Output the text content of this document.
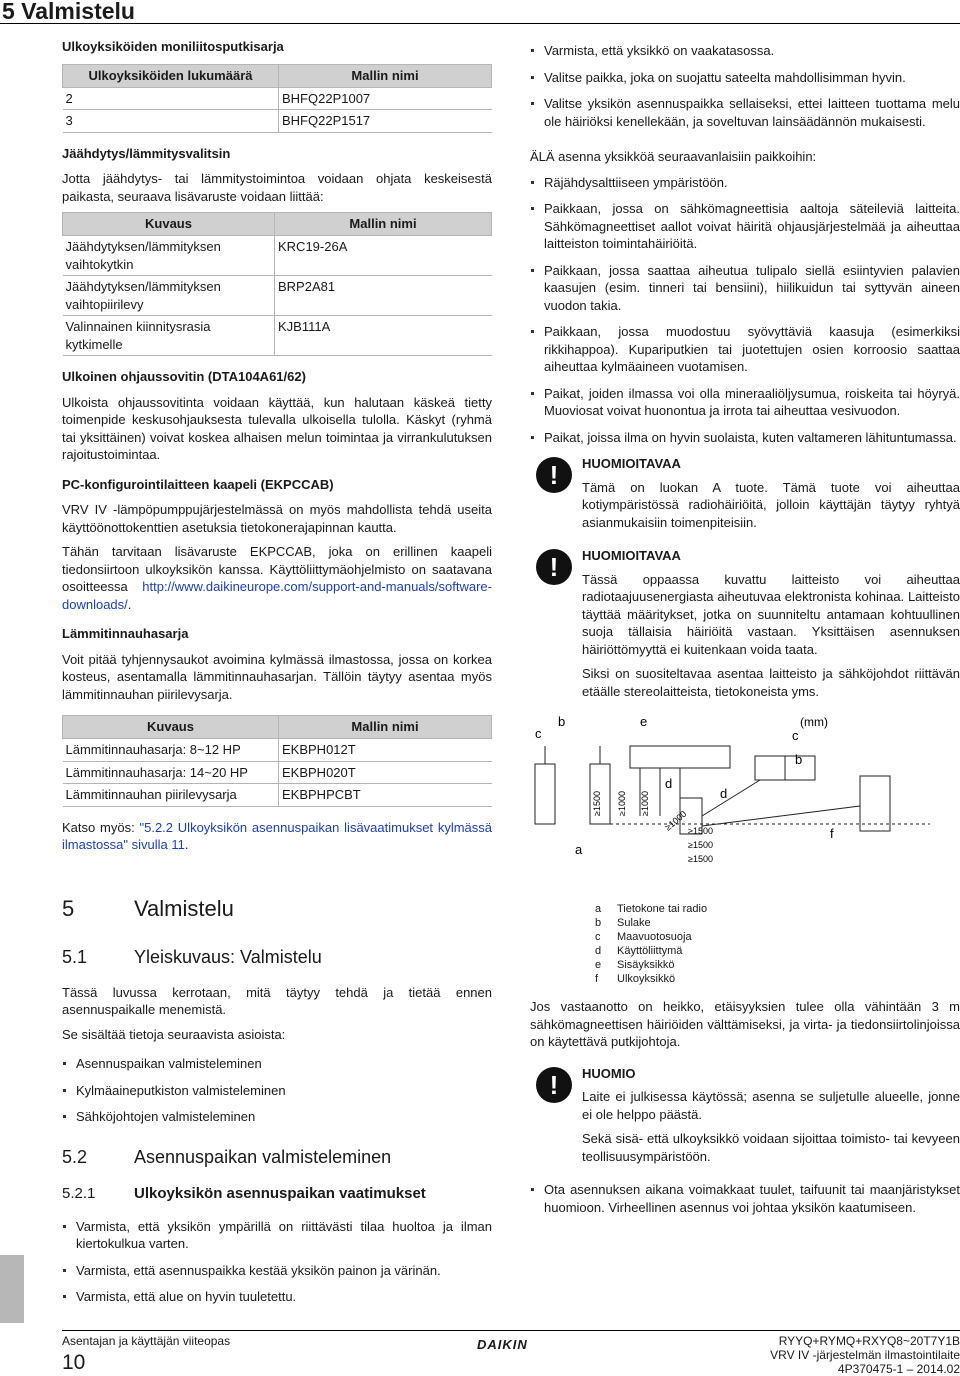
5 Valmistelu
Ulkoyksiköiden moniliitosputkisarja
Ulkoyksiköiden lukumäärä	Mallin nimi
2	BHFQ22P1007
3	BHFQ22P1517
Jäähdytys/lämmitysvalitsin

Jotta jäähdytys- tai lämmitystoimintoa voidaan ohjata keskeisestä paikasta, seuraava lisävaruste voidaan liittää:

Kuvaus	Mallin nimi
Jäähdytyksen/lämmityksen vaihtokytkin	KRC19-26A
Jäähdytyksen/lämmityksen vaihtopiirilevy	BRP2A81
Valinnainen kiinnitysrasia kytkimelle	KJB111A
Ulkoinen ohjaussovitin (DTA104A61/62)

Ulkoista ohjaussovitinta voidaan käyttää, kun halutaan käskeä tietty toimenpide keskusohjauksesta tulevalla ulkoisella tulolla. Käskyt (ryhmä tai yksittäinen) voivat koskea alhaisen melun toimintaa ja virrankulutuksen rajoitustoimintaa.

PC-konfigurointilaitteen kaapeli (EKPCCAB)

VRV IV -lämpöpumppujärjestelmässä on myös mahdollista tehdä useita käyttöönottokenttien asetuksia tietokonerajapinnan kautta.

Tähän tarvitaan lisävaruste EKPCCAB, joka on erillinen kaapeli tiedonsiirtoon ulkoyksikön kanssa. Käyttöliittymäohjelmisto on saatavana osoitteessa http://www.daikineurope.com/support-and-manuals/software-downloads/.

Lämmitinnauhasarja

Voit pitää tyhjennysaukot avoimina kylmässä ilmastossa, jossa on korkea kosteus, asentamalla lämmitinnauhasarjan. Tällöin täytyy asentaa myös lämmitinnauhan piirilevysarja.

Kuvaus	Mallin nimi
Lämmitinnauhasarja: 8~12 HP	EKBPH012T
Lämmitinnauhasarja: 14~20 HP	EKBPH020T
Lämmitinnauhan piirilevysarja	EKBPHPCBT

Katso myös: "5.2.2 Ulkoyksikön asennuspaikan lisävaatimukset kylmässä ilmastossa" sivulla 11.

5	Valmistelu
5.1	Yleiskuvaus: Valmistelu

Tässä luvussa kerrotaan, mitä täytyy tehdä ja tietää ennen asennuspaikalle menemistä.

Se sisältää tietoja seuraavista asioista:

Asennuspaikan valmisteleminen
Kylmäaineputkiston valmisteleminen
Sähköjohtojen valmisteleminen
5.2	Asennuspaikan valmisteleminen
5.2.1	Ulkoyksikön asennuspaikan vaatimukset
Varmista, että yksikön ympärillä on riittävästi tilaa huoltoa ja ilman kiertokulkua varten.
Varmista, että asennuspaikka kestää yksikön painon ja värinän.
Varmista, että alue on hyvin tuuletettu.
Varmista, että yksikkö on vaakatasossa.
Valitse paikka, joka on suojattu sateelta mahdollisimman hyvin.
Valitse yksikön asennuspaikka sellaiseksi, ettei laitteen tuottama melu ole häiriöksi kenellekään, ja soveltuvan lainsäädännön mukaisesti.

ÄLÄ asenna yksikköä seuraavanlaisiin paikkoihin:

Räjähdysalttiiseen ympäristöön.
Paikkaan, jossa on sähkömagneettisia aaltoja säteileviä laitteita. Sähkömagneettiset aallot voivat häiritä ohjausjärjestelmää ja aiheuttaa laitteiston toimintahäiriöitä.
Paikkaan, jossa saattaa aiheutua tulipalo siellä esiintyvien palavien kaasujen (esim. tinneri tai bensiini), hiilikuidun tai syttyvän aineen vuodon takia.
Paikkaan, jossa muodostuu syövyttäviä kaasuja (esimerkiksi rikkihappoa). Kupariputkien tai juotettujen osien korroosio saattaa aiheuttaa kylmäaineen vuotamisen.
Paikat, joiden ilmassa voi olla mineraaliöljysumua, roiskeita tai höyryä. Muoviosat voivat huonontua ja irrota tai aiheuttaa vesivuodon.
Paikat, joissa ilma on hyvin suolaista, kuten valtameren lähituntumassa.
!	HUOMIOITAVAA

Tämä on luokan A tuote. Tämä tuote voi aiheuttaa kotiympäristössä radiohäiriöitä, jolloin käyttäjän täytyy ryhtyä asianmukaisiin toimenpiteisiin.

!	HUOMIOITAVAA

Tässä oppaassa kuvattu laitteisto voi aiheuttaa radiotaajuusenergiasta aiheutuvaa elektronista kohinaa. Laitteisto täyttää määritykset, jotka on suunniteltu antamaan kohtuullinen suoja tällaisia häiriöitä vastaan. Yksittäisen asennuksen häiriöttömyyttä ei kuitenkaan voida taata.

Siksi on suositeltavaa asentaa laitteisto ja sähköjohdot riittävän etäälle stereolaitteista, tietokoneista yms.

c
b	e	(mm)
c
b
d
d
a
f
≥1500 ≥1000 ≥1000
≥1000 ≥1500
≥1500
≥1500
a Tietokone tai radio
b Sulake
c Maavuotosuoja
d Käyttöliittymä
e Sisäyksikkö
f Ulkoyksikkö

Jos vastaanotto on heikko, etäisyyksien tulee olla vähintään 3 m sähkömagneettisen häiriöiden välttämiseksi, ja virta- ja tiedonsiirtolinjoissa on käytettävä putkijohtoja.

!	HUOMIO

Laite ei julkisessa käytössä; asenna se suljetulle alueelle, jonne ei ole helppo päästä.

Sekä sisä- että ulkoyksikkö voidaan sijoittaa toimisto- tai kevyeen teollisuusympäristöön.

Ota asennuksen aikana voimakkaat tuulet, taifuunit tai maanjäristykset huomioon. Virheellinen asennus voi johtaa yksikön kaatumiseen.
Asentajan ja käyttäjän viiteopas
10
DAIKIN	RYYQ+RYMQ+RXYQ8~20T7Y1B
VRV IV -järjestelmän ilmastointilaite
4P370475-1 – 2014.02
